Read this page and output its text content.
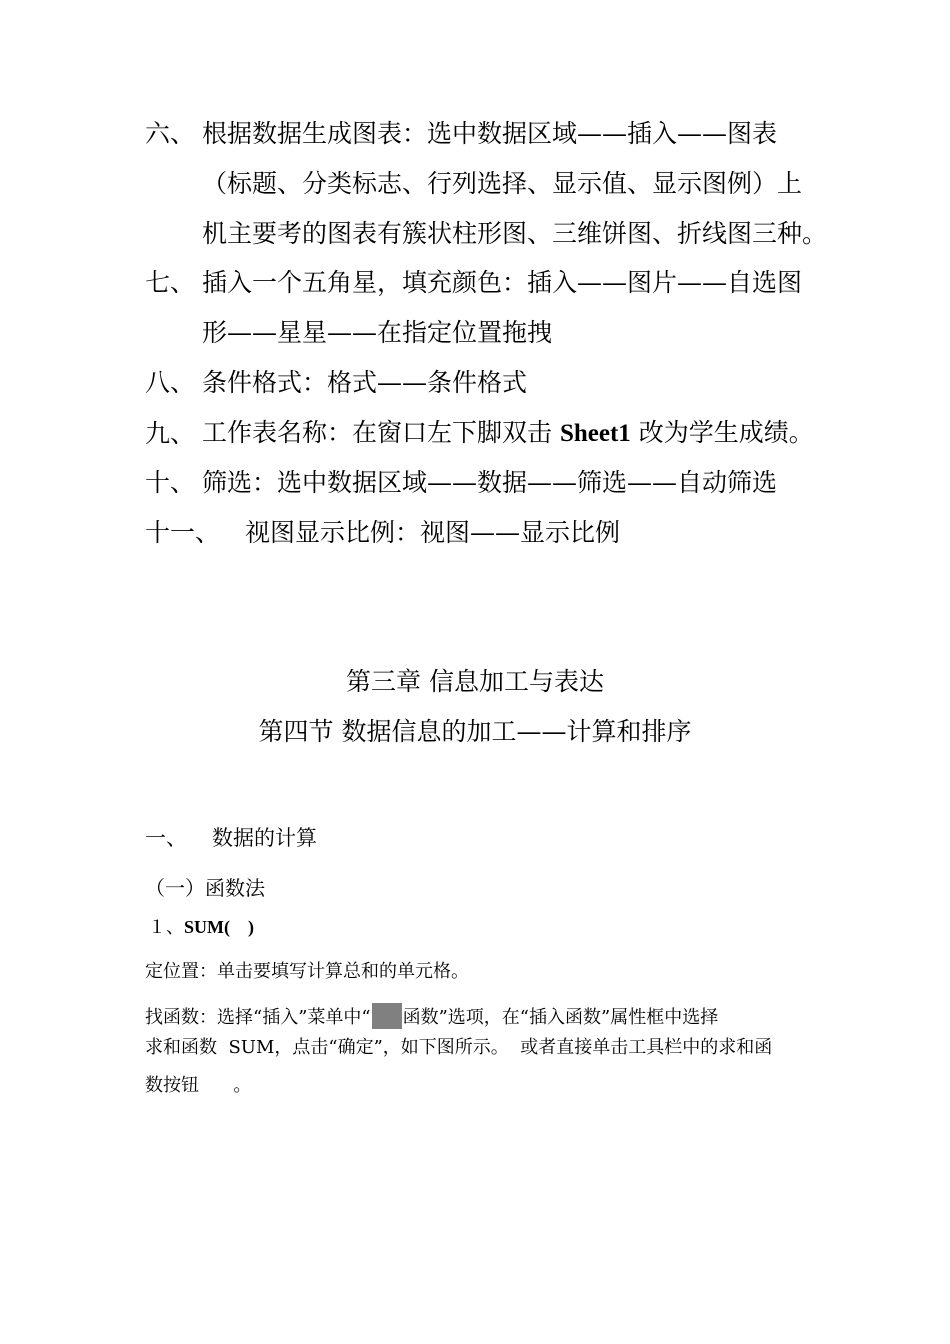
六、 根据数据生成图表：选中数据区域——插入——图表
（标题、分类标志、行列选择、显示值、显示图例）上
机主要考的图表有簇状柱形图、三维饼图、折线图三种。
七、 插入一个五角星，填充颜色：插入——图片——自选图
形——星星——在指定位置拖拽
八、 条件格式：格式——条件格式
九、 工作表名称：在窗口左下脚双击 Sheet1 改为学生成绩。
十、 筛选：选中数据区域——数据——筛选——自动筛选
十一、 视图显示比例：视图——显示比例
第三章 信息加工与表达
第四节 数据信息的加工——计算和排序
一、 数据的计算
（一）函数法
１、SUM(    )
定位置：单击要填写计算总和的单元格。
找函数：选择“插入”菜单中“ 函数”选项，在“插入函数”属性框中选择
求和函数  SUM，点击“确定”，如下图所示。  或者直接单击工具栏中的求和函
数按钮      。
